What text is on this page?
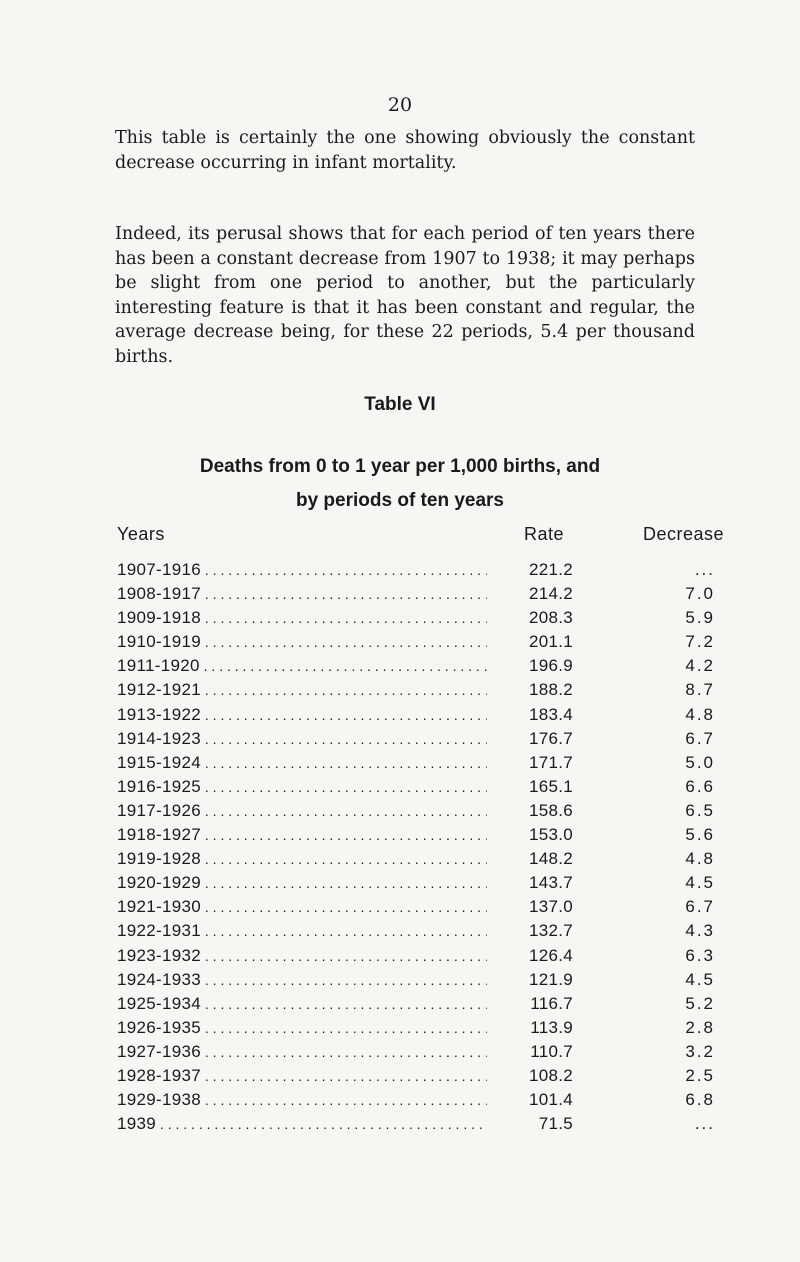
20

This table is certainly the one showing obviously the constant decrease occurring in infant mortality.

Indeed, its perusal shows that for each period of ten years there has been a constant decrease from 1907 to 1938; it may perhaps be slight from one period to another, but the particularly interesting feature is that it has been constant and regular, the average decrease being, for these 22 periods, 5.4 per thousand births.

Table VI
Deaths from 0 to 1 year per 1,000 births, and
by periods of ten years
Years	Rate	Decrease
1907-1916 . . .	221.2	...
1908-1917 . . .	214.2	7.0
1909-1918 . . .	208.3	5.9
1910-1919 . . .	201.1	7.2
1911-1920 . . .	196.9	4.2
1912-1921 . . .	188.2	8.7
1913-1922 . . .	183.4	4.8
1914-1923 . . .	176.7	6.7
1915-1924 . . .	171.7	5.0
1916-1925 . . .	165.1	6.6
1917-1926 . . .	158.6	6.5
1918-1927 . . .	153.0	5.6
1919-1928 . . .	148.2	4.8
1920-1929 . . .	143.7	4.5
1921-1930 . . .	137.0	6.7
1922-1931 . . .	132.7	4.3
1923-1932 . . .	126.4	6.3
1924-1933 . . .	121.9	4.5
1925-1934 . . .	116.7	5.2
1926-1935 . . .	113.9	2.8
1927-1936 . . .	110.7	3.2
1928-1937 . . .	108.2	2.5
1929-1938 . . .	101.4	6.8
1939 . . .	71.5	...
